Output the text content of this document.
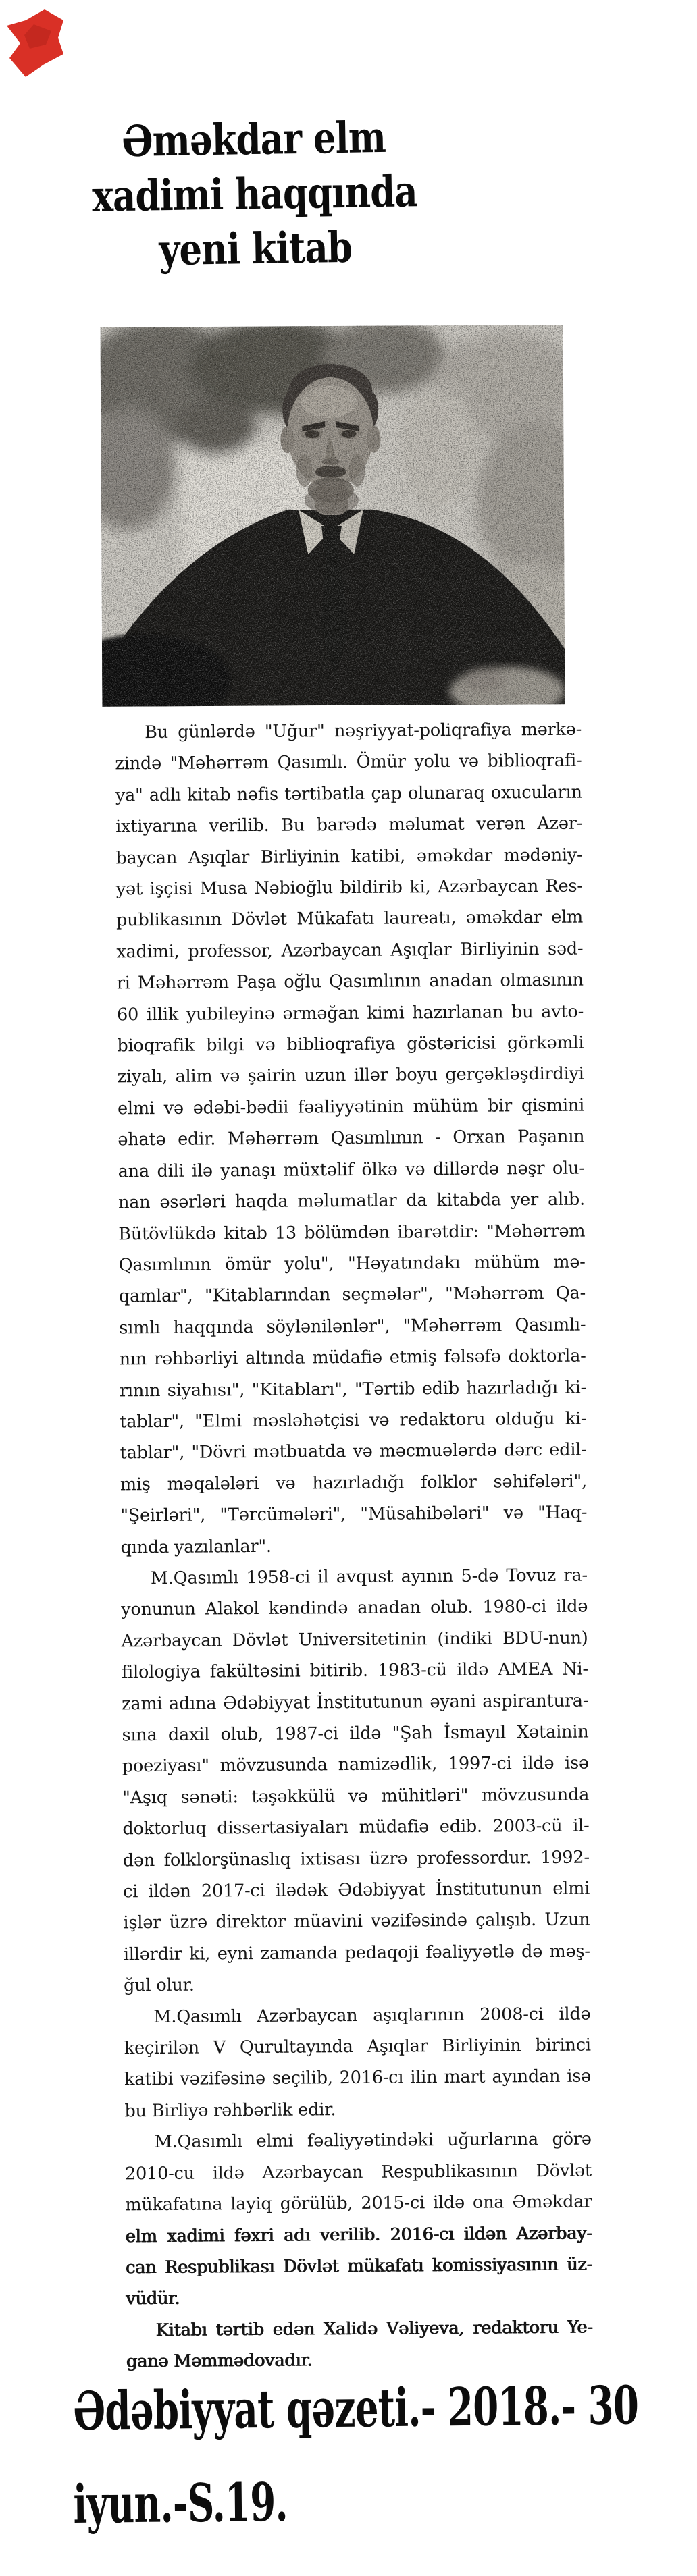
Əməkdar elm
xadimi haqqında
yeni kitab
Bu günlərdə "Uğur" nəşriyyat-poliqrafiya mərkə-
zində "Məhərrəm Qasımlı. Ömür yolu və biblioqrafi-
ya" adlı kitab nəfis tərtibatla çap olunaraq oxucuların
ixtiyarına verilib. Bu barədə məlumat verən Azər-
baycan Aşıqlar Birliyinin katibi, əməkdar mədəniy-
yət işçisi Musa Nəbioğlu bildirib ki, Azərbaycan Res-
publikasının Dövlət Mükafatı laureatı, əməkdar elm
xadimi, professor, Azərbaycan Aşıqlar Birliyinin səd-
ri Məhərrəm Paşa oğlu Qasımlının anadan olmasının
60 illik yubileyinə ərməğan kimi hazırlanan bu avto-
bioqrafik bilgi və biblioqrafiya göstəricisi görkəmli
ziyalı, alim və şairin uzun illər boyu gerçəkləşdirdiyi
elmi və ədəbi-bədii fəaliyyətinin mühüm bir qismini
əhatə edir. Məhərrəm Qasımlının - Orxan Paşanın
ana dili ilə yanaşı müxtəlif ölkə və dillərdə nəşr olu-
nan əsərləri haqda məlumatlar da kitabda yer alıb.
Bütövlükdə kitab 13 bölümdən ibarətdir: "Məhərrəm
Qasımlının ömür yolu", "Həyatındakı mühüm mə-
qamlar", "Kitablarından seçmələr", "Məhərrəm Qa-
sımlı haqqında söylənilənlər", "Məhərrəm Qasımlı-
nın rəhbərliyi altında müdafiə etmiş fəlsəfə doktorla-
rının siyahısı", "Kitabları", "Tərtib edib hazırladığı ki-
tablar", "Elmi məsləhətçisi və redaktoru olduğu ki-
tablar", "Dövri mətbuatda və məcmuələrdə dərc edil-
miş məqalələri və hazırladığı folklor səhifələri",
"Şeirləri", "Tərcümələri", "Müsahibələri" və "Haq-
qında yazılanlar".
M.Qasımlı 1958-ci il avqust ayının 5-də Tovuz ra-
yonunun Alakol kəndində anadan olub. 1980-ci ildə
Azərbaycan Dövlət Universitetinin (indiki BDU-nun)
filologiya fakültəsini bitirib. 1983-cü ildə AMEA Ni-
zami adına Ədəbiyyat İnstitutunun əyani aspirantura-
sına daxil olub, 1987-ci ildə "Şah İsmayıl Xətainin
poeziyası" mövzusunda namizədlik, 1997-ci ildə isə
"Aşıq sənəti: təşəkkülü və mühitləri" mövzusunda
doktorluq dissertasiyaları müdafiə edib. 2003-cü il-
dən folklorşünaslıq ixtisası üzrə professordur. 1992-
ci ildən 2017-ci ilədək Ədəbiyyat İnstitutunun elmi
işlər üzrə direktor müavini vəzifəsində çalışıb. Uzun
illərdir ki, eyni zamanda pedaqoji fəaliyyətlə də məş-
ğul olur.
M.Qasımlı Azərbaycan aşıqlarının 2008-ci ildə
keçirilən V Qurultayında Aşıqlar Birliyinin birinci
katibi vəzifəsinə seçilib, 2016-cı ilin mart ayından isə
bu Birliyə rəhbərlik edir.
M.Qasımlı elmi fəaliyyətindəki uğurlarına görə
2010-cu ildə Azərbaycan Respublikasının Dövlət
mükafatına layiq görülüb, 2015-ci ildə ona Əməkdar
elm xadimi fəxri adı verilib. 2016-cı ildən Azərbay-
can Respublikası Dövlət mükafatı komissiyasının üz-
vüdür.
Kitabı tərtib edən Xalidə Vəliyeva, redaktoru Ye-
ganə Məmmədovadır.
Ədəbiyyat qəzeti.- 2018.- 30
iyun.-S.19.
